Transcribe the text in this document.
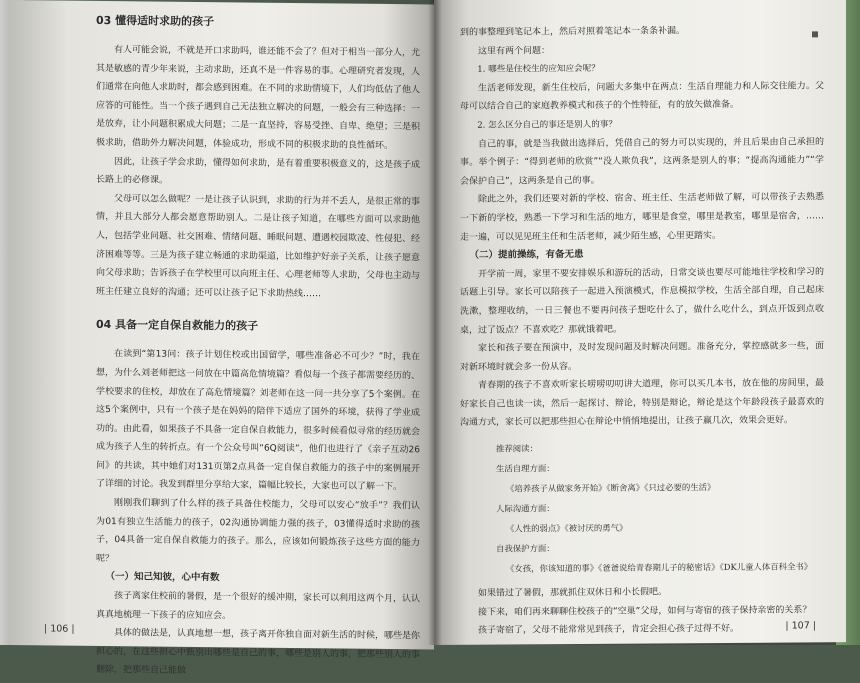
03 懂得适时求助的孩子

有人可能会说，不就是开口求助吗，谁还能不会了？但对于相当一部分人，尤其是敏感的青少年来说，主动求助，还真不是一件容易的事。心理研究者发现，人们通常在向他人求助时，都会感到困难。在不同的求助情境下，人们均低估了他人应答的可能性。当一个孩子遇到自己无法独立解决的问题，一般会有三种选择：一是放弃，让小问题积累成大问题；二是一直坚持，容易受挫、自卑、绝望；三是积极求助，借助外力解决问题，体验成功，形成不同的积极求助的良性循环。

因此，让孩子学会求助，懂得如何求助，是有着重要积极意义的，这是孩子成长路上的必修课。

父母可以怎么做呢？一是让孩子认识到，求助的行为并不丢人，是很正常的事情，并且大部分人都会愿意帮助别人。二是让孩子知道，在哪些方面可以求助他人，包括学业问题、社交困难、情绪问题、睡眠问题、遭遇校园欺凌、性侵犯、经济困难等等。三是为孩子建立畅通的求助渠道，比如维护好亲子关系，让孩子愿意向父母求助；告诉孩子在学校里可以向班主任、心理老师等人求助，父母也主动与班主任建立良好的沟通；还可以让孩子记下求助热线……

04 具备一定自保自救能力的孩子

在读到“第13问：孩子计划住校或出国留学，哪些准备必不可少？”时，我在想，为什么刘老师把这一问放在中篇高危情境篇？看似每一个孩子都需要经历的、学校要求的住校，却放在了高危情境篇？刘老师在这一问一共分享了5个案例。在这5个案例中，只有一个孩子是在妈妈的陪伴下适应了国外的环境，获得了学业成功的。由此看，如果孩子不具备一定自保自救能力，很多时候看似寻常的经历就会成为孩子人生的转折点。有一个公众号叫“6Q阅读”，他们也进行了《亲子互动26问》的共读，其中她们对131页第2点具备一定自保自救能力的孩子中的案例展开了详细的讨论。我发到群里分享给大家，篇幅比较长，大家也可以了解一下。

刚刚我们聊到了什么样的孩子具备住校能力，父母可以安心“放手”？我们认为01有独立生活能力的孩子，02沟通协调能力强的孩子，03懂得适时求助的孩子，04具备一定自保自救能力的孩子。那么，应该如何锻炼孩子这些方面的能力呢？

（一）知己知彼，心中有数

孩子离家住校前的暑假，是一个很好的缓冲期，家长可以利用这两个月，认认真真地梳理一下孩子的应知应会。

具体的做法是，认真地想一想，孩子离开你独自面对新生活的时候，哪些是你担心的，在这些担心中甄别出哪些是自己的事，哪些是别人的事，把那些别人的事删除，把那些自己能做

| 106 |

到的事整理到笔记本上，然后对照着笔记本一条条补漏。

这里有两个问题：

1. 哪些是住校生的应知应会呢？

生活老师发现，新生住校后，问题大多集中在两点：生活自理能力和人际交往能力。父母可以结合自己的家庭教养模式和孩子的个性特征，有的放矢做准备。

2. 怎么区分自己的事还是别人的事？

自己的事，就是当我做出选择后，凭借自己的努力可以实现的，并且后果由自己承担的事。举个例子：“得到老师的欣赏”“没人欺负我”，这两条是别人的事；“提高沟通能力”“学会保护自己”，这两条是自己的事。

除此之外，我们还要对新的学校、宿舍、班主任、生活老师做了解，可以带孩子去熟悉一下新的学校，熟悉一下学习和生活的地方，哪里是食堂，哪里是教室，哪里是宿舍，……走一遍，可以见见班主任和生活老师，减少陌生感，心里更踏实。

（二）提前操练，有备无患

开学前一周，家里不要安排娱乐和游玩的活动，日常交谈也要尽可能地往学校和学习的话题上引导。家长可以陪孩子一起进入预演模式，作息模拟学校，生活全部自理，自己起床洗漱，整理收纳，一日三餐也不要再问孩子想吃什么了，做什么吃什么，到点开饭到点收桌，过了饭点？不喜欢吃？那就饿着吧。

家长和孩子要在预演中，及时发现问题及时解决问题。准备充分，掌控感就多一些，面对新环境时就会多一份从容。

青春期的孩子不喜欢听家长唠唠叨叨讲大道理，你可以买几本书，放在他的房间里，最好家长自己也读一读，然后一起探讨、辩论，特别是辩论，辩论是这个年龄段孩子最喜欢的沟通方式，家长可以把那些担心在辩论中悄悄地提出，让孩子赢几次，效果会更好。

推荐阅读：
生活自理方面：
《培养孩子从做家务开始》《断舍离》《只过必要的生活》
人际沟通方面：
《人性的弱点》《被讨厌的勇气》
自我保护方面：
《女孩，你该知道的事》《爸爸说给青春期儿子的秘密话》《DK儿童人体百科全书》

如果错过了暑假，那就抓住双休日和小长假吧。

接下来，咱们再来聊聊住校孩子的“空巢”父母，如何与寄宿的孩子保持亲密的关系？

孩子寄宿了，父母不能常常见到孩子，肯定会担心孩子过得不好。	| 107 |
